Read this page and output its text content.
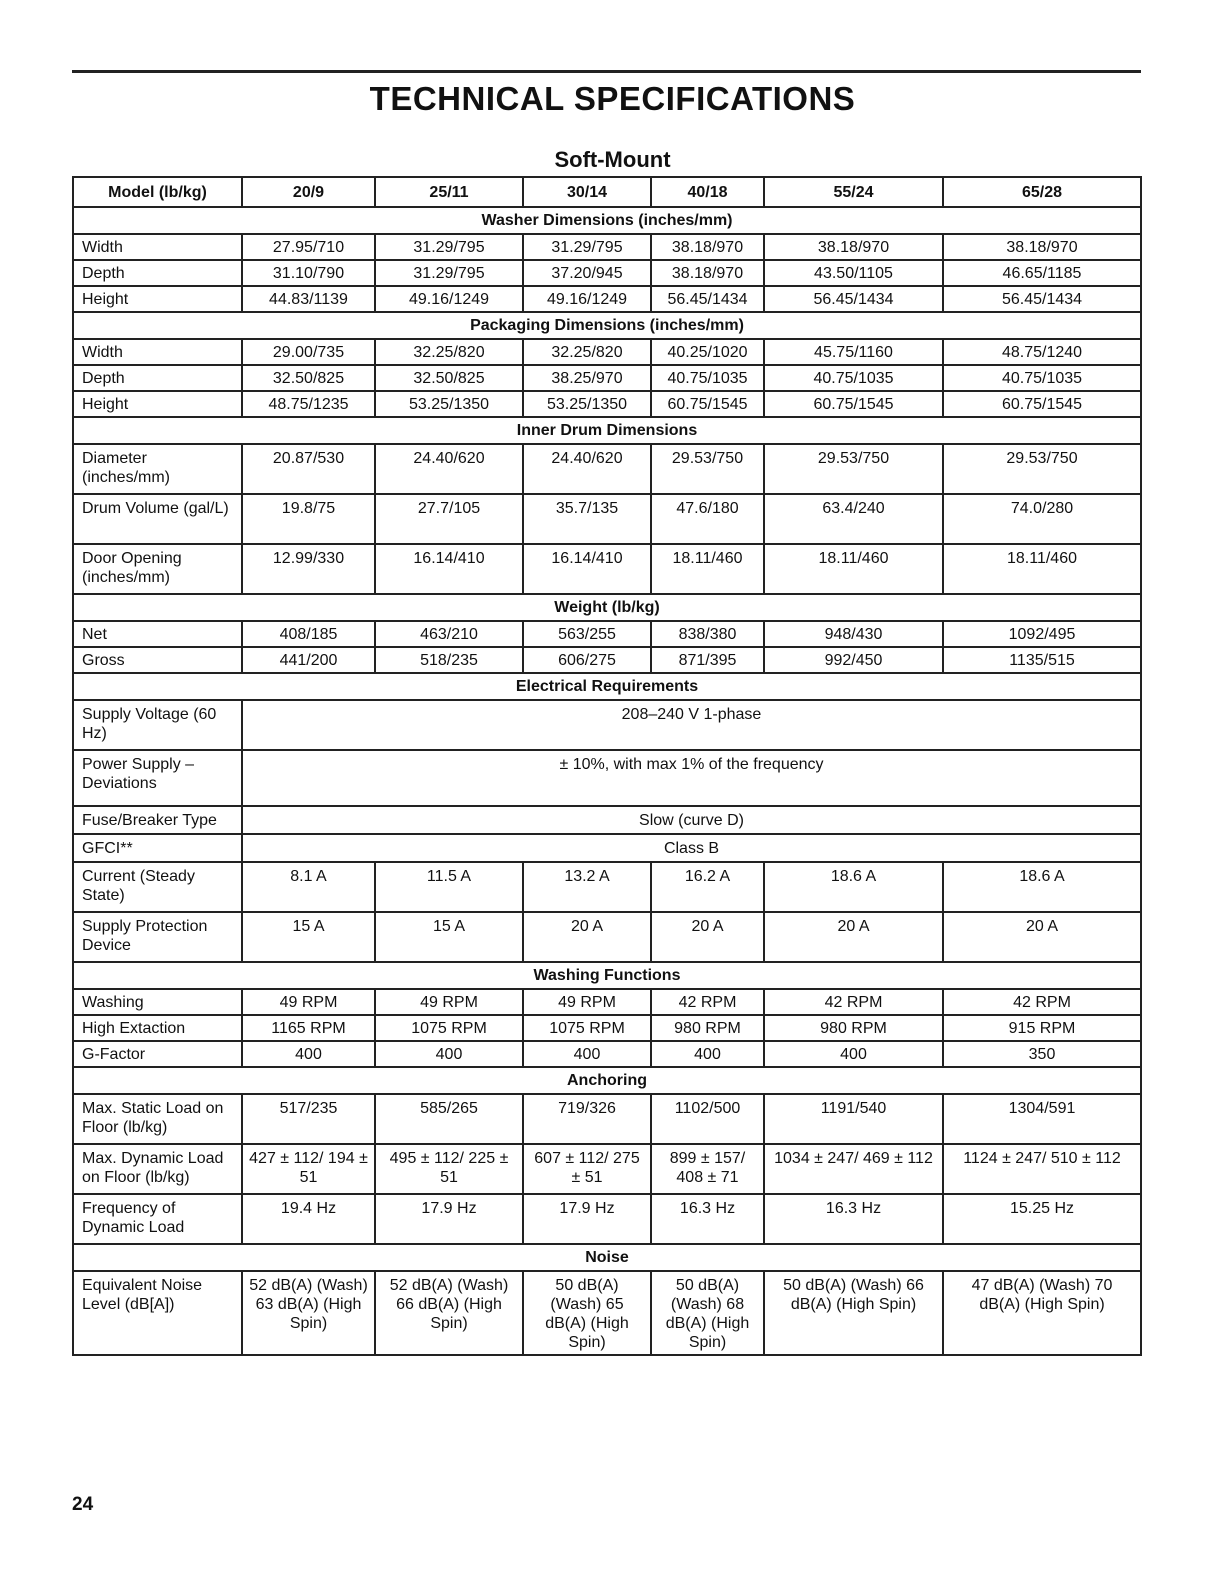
TECHNICAL SPECIFICATIONS
Soft-Mount
Model (lb/kg)	20/9	25/11	30/14	40/18	55/24	65/28
Washer Dimensions (inches/mm)						
Width	27.95/710	31.29/795	31.29/795	38.18/970	38.18/970	38.18/970
Depth	31.10/790	31.29/795	37.20/945	38.18/970	43.50/1105	46.65/1185
Height	44.83/1139	49.16/1249	49.16/1249	56.45/1434	56.45/1434	56.45/1434
Packaging Dimensions (inches/mm)						
Width	29.00/735	32.25/820	32.25/820	40.25/1020	45.75/1160	48.75/1240
Depth	32.50/825	32.50/825	38.25/970	40.75/1035	40.75/1035	40.75/1035
Height	48.75/1235	53.25/1350	53.25/1350	60.75/1545	60.75/1545	60.75/1545
Inner Drum Dimensions						
Diameter (inches/mm)	20.87/530	24.40/620	24.40/620	29.53/750	29.53/750	29.53/750
Drum Volume (gal/L)	19.8/75	27.7/105	35.7/135	47.6/180	63.4/240	74.0/280
Door Opening (inches/mm)	12.99/330	16.14/410	16.14/410	18.11/460	18.11/460	18.11/460
Weight (lb/kg)						
Net	408/185	463/210	563/255	838/380	948/430	1092/495
Gross	441/200	518/235	606/275	871/395	992/450	1135/515
Electrical Requirements						
Supply Voltage (60 Hz)	208–240 V 1-phase					
Power Supply – Deviations	± 10%, with max 1% of the frequency					
Fuse/Breaker Type	Slow (curve D)					
GFCI**	Class B					
Current (Steady State)	8.1 A	11.5 A	13.2 A	16.2 A	18.6 A	18.6 A
Supply Protection Device	15 A	15 A	20 A	20 A	20 A	20 A
Washing Functions						
Washing	49 RPM	49 RPM	49 RPM	42 RPM	42 RPM	42 RPM
High Extaction	1165 RPM	1075 RPM	1075 RPM	980 RPM	980 RPM	915 RPM
G-Factor	400	400	400	400	400	350
Anchoring						
Max. Static Load on Floor (lb/kg)	517/235	585/265	719/326	1102/500	1191/540	1304/591
Max. Dynamic Load on Floor (lb/kg)	427 ± 112/ 194 ± 51	495 ± 112/ 225 ± 51	607 ± 112/ 275 ± 51	899 ± 157/ 408 ± 71	1034 ± 247/ 469 ± 112	1124 ± 247/ 510 ± 112
Frequency of Dynamic Load	19.4 Hz	17.9 Hz	17.9 Hz	16.3 Hz	16.3 Hz	15.25 Hz
Noise						
Equivalent Noise Level (dB[A])	52 dB(A) (Wash) 63 dB(A) (High Spin)	52 dB(A) (Wash) 66 dB(A) (High Spin)	50 dB(A) (Wash) 65 dB(A) (High Spin)	50 dB(A) (Wash) 68 dB(A) (High Spin)	50 dB(A) (Wash) 66 dB(A) (High Spin)	47 dB(A) (Wash) 70 dB(A) (High Spin)
24
